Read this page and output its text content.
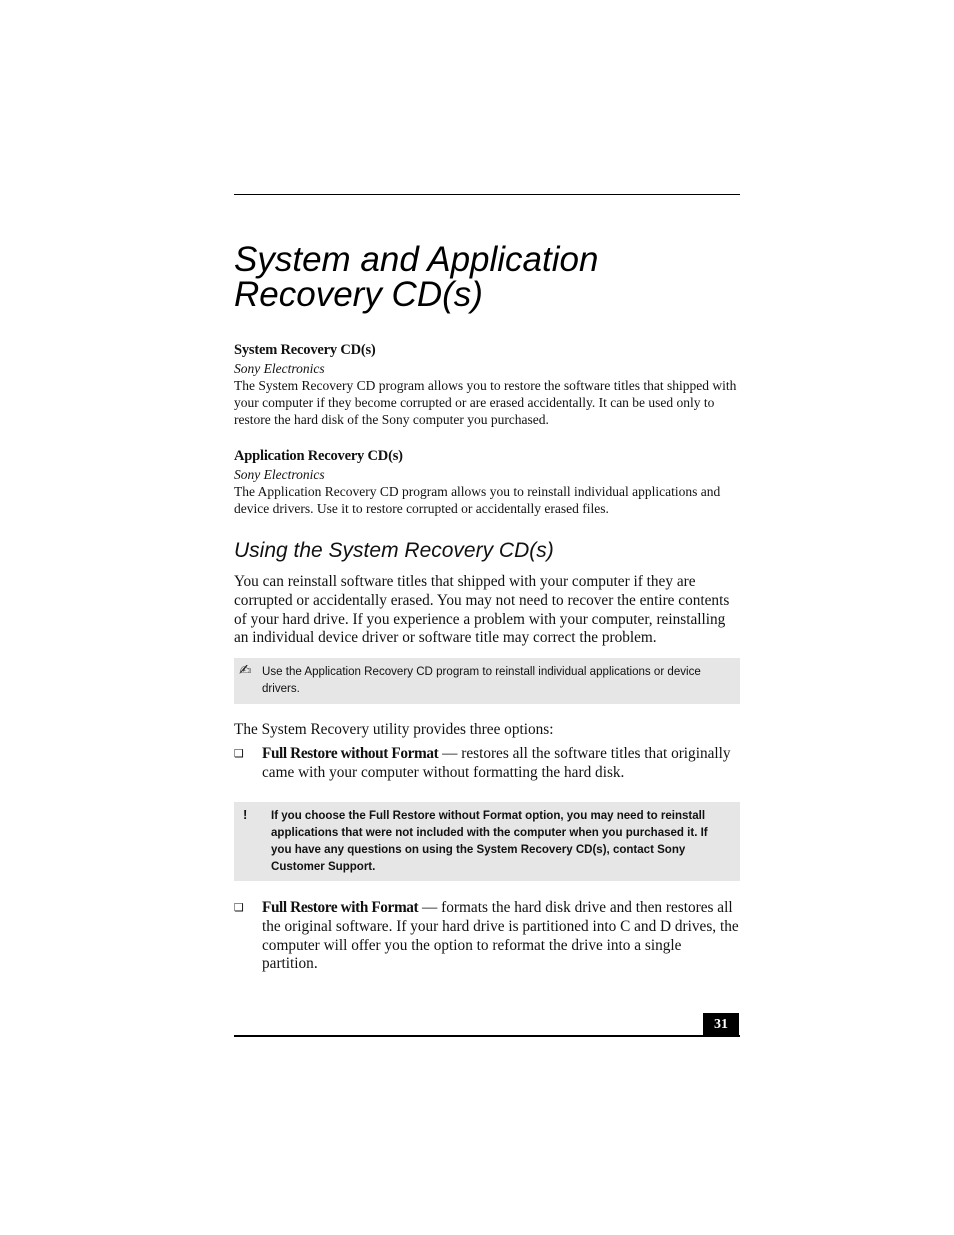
System and Application
Recovery CD(s)
System Recovery CD(s)
Sony Electronics

The System Recovery CD program allows you to restore the software titles that shipped with your computer if they become corrupted or are erased accidentally. It can be used only to restore the hard disk of the Sony computer you purchased.

Application Recovery CD(s)
Sony Electronics

The Application Recovery CD program allows you to reinstall individual applications and device drivers. Use it to restore corrupted or accidentally erased files.

Using the System Recovery CD(s)

You can reinstall software titles that shipped with your computer if they are corrupted or accidentally erased. You may not need to recover the entire contents of your hard drive. If you experience a problem with your computer, reinstalling an individual device driver or software title may correct the problem.

✍ Use the Application Recovery CD program to reinstall individual applications or device drivers.

The System Recovery utility provides three options:

❑ Full Restore without Format — restores all the software titles that originally came with your computer without formatting the hard disk.

! If you choose the Full Restore without Format option, you may need to reinstall applications that were not included with the computer when you purchased it. If you have any questions on using the System Recovery CD(s), contact Sony Customer Support.
❑ Full Restore with Format — formats the hard disk drive and then restores all the original software. If your hard drive is partitioned into C and D drives, the computer will offer you the option to reformat the drive into a single partition.

31
